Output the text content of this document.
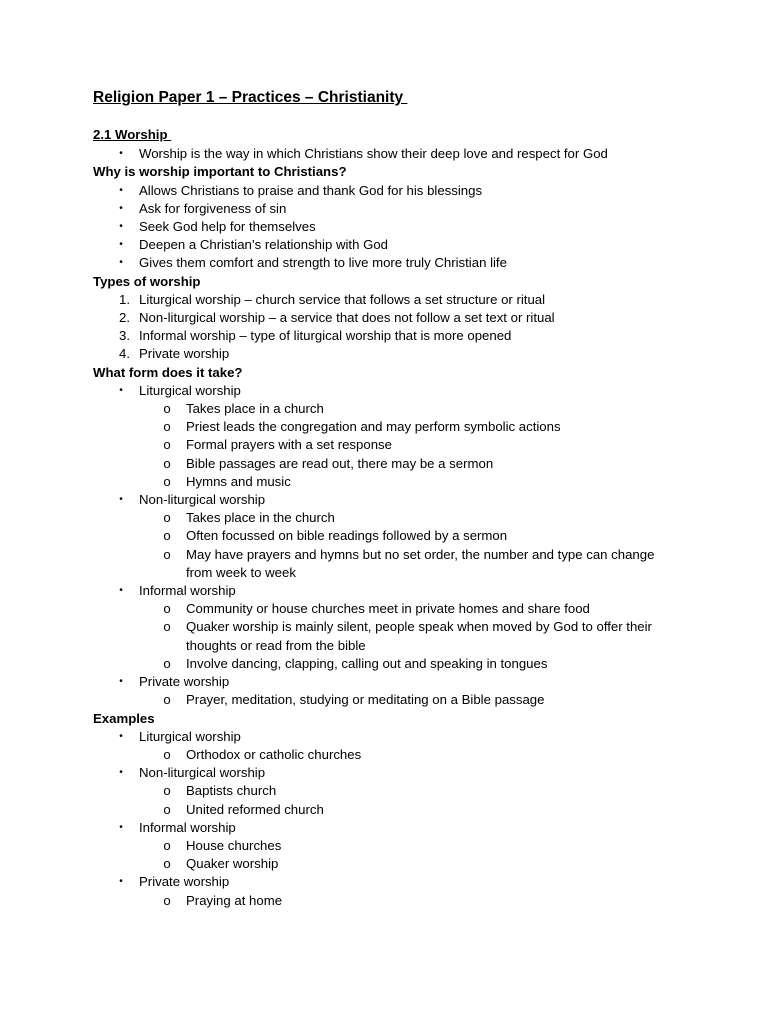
Religion Paper 1 – Practices – Christianity
2.1 Worship
•	Worship is the way in which Christians show their deep love and respect for God
Why is worship important to Christians?
•	Allows Christians to praise and thank God for his blessings
•	Ask for forgiveness of sin
•	Seek God help for themselves
•	Deepen a Christian’s relationship with God
•	Gives them comfort and strength to live more truly Christian life
Types of worship
1. Liturgical worship – church service that follows a set structure or ritual
2. Non-liturgical worship – a service that does not follow a set text or ritual
3. Informal worship – type of liturgical worship that is more opened
4. Private worship
What form does it take?
•	Liturgical worship
o Takes place in a church
o Priest leads the congregation and may perform symbolic actions
o Formal prayers with a set response
o Bible passages are read out, there may be a sermon
o Hymns and music
•	Non-liturgical worship
o Takes place in the church
o Often focussed on bible readings followed by a sermon
o May have prayers and hymns but no set order, the number and type can change from week to week
•	Informal worship
o Community or house churches meet in private homes and share food
o Quaker worship is mainly silent, people speak when moved by God to offer their thoughts or read from the bible
o Involve dancing, clapping, calling out and speaking in tongues
•	Private worship
o Prayer, meditation, studying or meditating on a Bible passage
Examples
•	Liturgical worship
o Orthodox or catholic churches
•	Non-liturgical worship
o Baptists church
o United reformed church
•	Informal worship
o House churches
o Quaker worship
•	Private worship
o Praying at home
